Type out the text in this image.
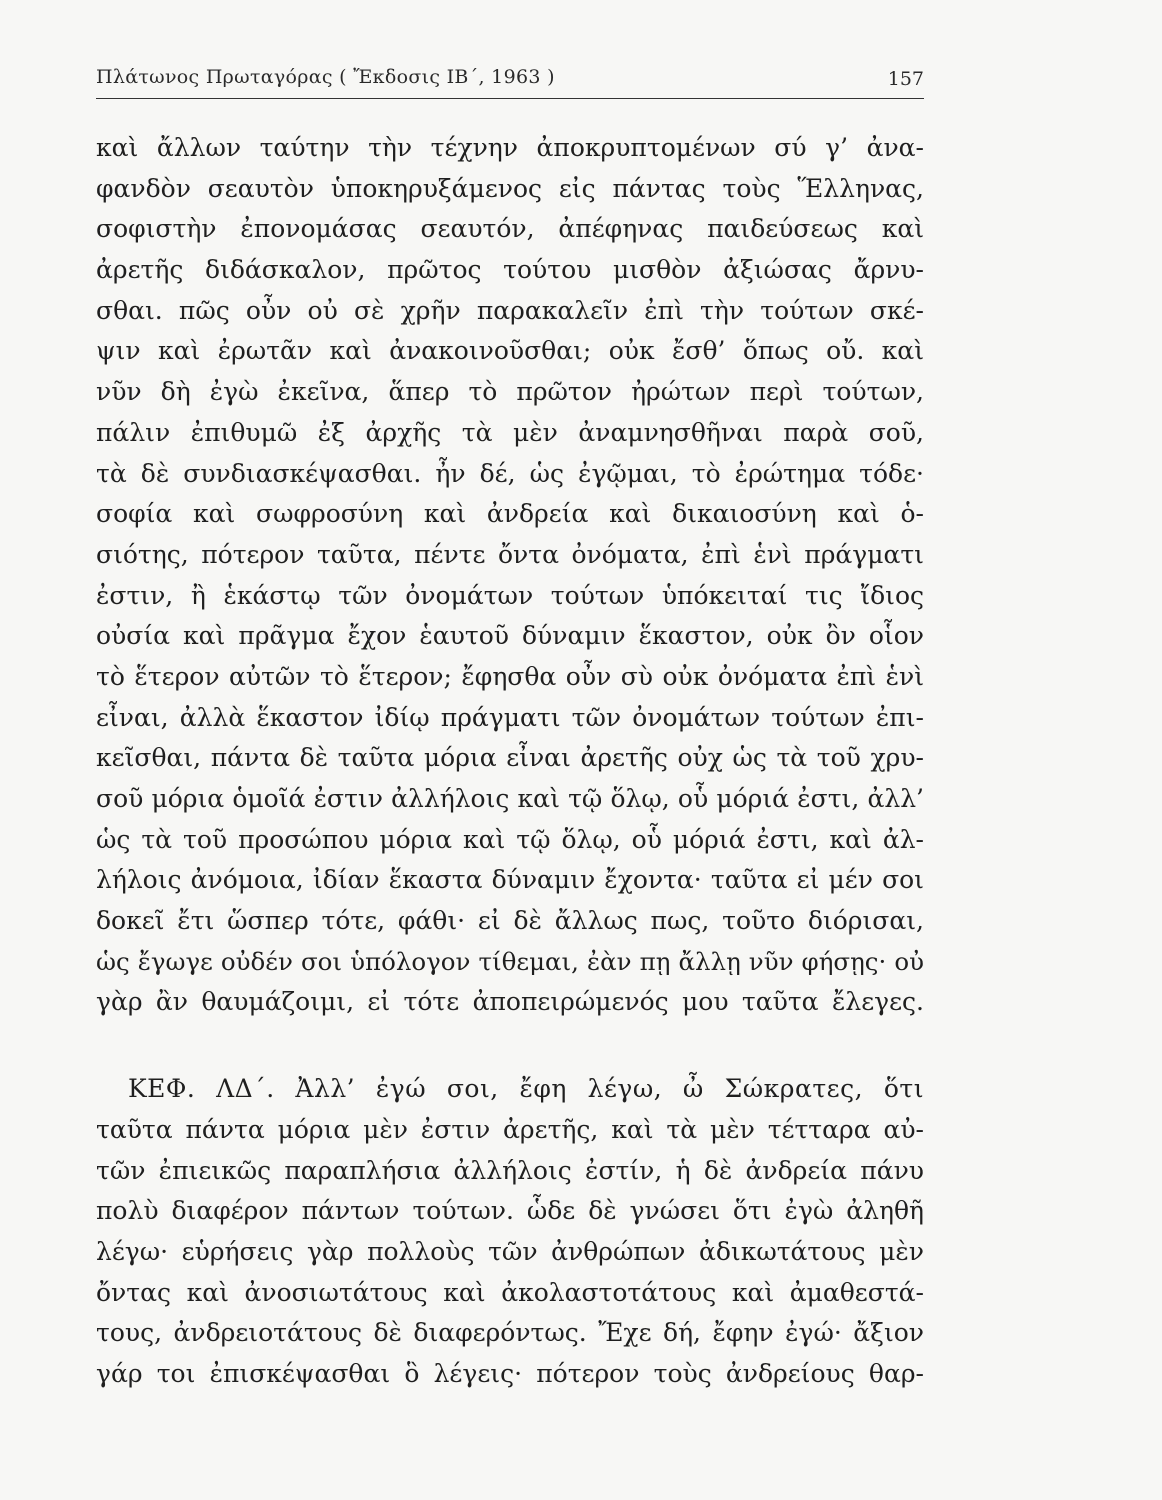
Πλάτωνος Πρωταγόρας ( Ἔκδοσις ΙΒ΄, 1963 )	157
καὶ ἄλλων ταύτην τὴν τέχνην ἀποκρυπτομένων σύ γ’ ἀνα-
φανδὸν σεαυτὸν ὑποκηρυξάμενος εἰς πάντας τοὺς Ἕλληνας,
σοφιστὴν ἐπονομάσας σεαυτόν, ἀπέφηνας παιδεύσεως καὶ
ἀρετῆς διδάσκαλον, πρῶτος τούτου μισθὸν ἀξιώσας ἄρνυ-
σθαι. πῶς οὖν οὐ σὲ χρῆν παρακαλεῖν ἐπὶ τὴν τούτων σκέ-
ψιν καὶ ἐρωτᾶν καὶ ἀνακοινοῦσθαι; οὐκ ἔσθ’ ὅπως οὔ. καὶ
νῦν δὴ ἐγὼ ἐκεῖνα, ἅπερ τὸ πρῶτον ἠρώτων περὶ τούτων,
πάλιν ἐπιθυμῶ ἐξ ἀρχῆς τὰ μὲν ἀναμνησθῆναι παρὰ σοῦ,
τὰ δὲ συνδιασκέψασθαι. ἦν δέ, ὡς ἐγῷμαι, τὸ ἐρώτημα τόδε·
σοφία καὶ σωφροσύνη καὶ ἀνδρεία καὶ δικαιοσύνη καὶ ὁ-
σιότης, πότερον ταῦτα, πέντε ὄντα ὀνόματα, ἐπὶ ἑνὶ πράγματι
ἐστιν, ἢ ἑκάστῳ τῶν ὀνομάτων τούτων ὑπόκειταί τις ἴδιος
οὐσία καὶ πρᾶγμα ἔχον ἑαυτοῦ δύναμιν ἕκαστον, οὐκ ὂν οἷον
τὸ ἕτερον αὐτῶν τὸ ἕτερον; ἔφησθα οὖν σὺ οὐκ ὀνόματα ἐπὶ ἑνὶ
εἶναι, ἀλλὰ ἕκαστον ἰδίῳ πράγματι τῶν ὀνομάτων τούτων ἐπι-
κεῖσθαι, πάντα δὲ ταῦτα μόρια εἶναι ἀρετῆς οὐχ ὡς τὰ τοῦ χρυ-
σοῦ μόρια ὁμοῖά ἐστιν ἀλλήλοις καὶ τῷ ὅλῳ, οὗ μόριά ἐστι, ἀλλ’
ὡς τὰ τοῦ προσώπου μόρια καὶ τῷ ὅλῳ, οὗ μόριά ἐστι, καὶ ἀλ-
λήλοις ἀνόμοια, ἰδίαν ἕκαστα δύναμιν ἔχοντα· ταῦτα εἰ μέν σοι
δοκεῖ ἔτι ὥσπερ τότε, φάθι· εἰ δὲ ἄλλως πως, τοῦτο διόρισαι,
ὡς ἔγωγε οὐδέν σοι ὑπόλογον τίθεμαι, ἐὰν πῃ ἄλλῃ νῦν φήσῃς· οὐ
γὰρ ἂν θαυμάζοιμι, εἰ τότε ἀποπειρώμενός μου ταῦτα ἔλεγες.
ΚΕΦ. ΛΔ΄. Ἀλλ’ ἐγώ σοι, ἔφη λέγω, ὦ Σώκρατες, ὅτι
ταῦτα πάντα μόρια μὲν ἐστιν ἀρετῆς, καὶ τὰ μὲν τέτταρα αὐ-
τῶν ἐπιεικῶς παραπλήσια ἀλλήλοις ἐστίν, ἡ δὲ ἀνδρεία πάνυ
πολὺ διαφέρον πάντων τούτων. ὧδε δὲ γνώσει ὅτι ἐγὼ ἀληθῆ
λέγω· εὑρήσεις γὰρ πολλοὺς τῶν ἀνθρώπων ἀδικωτάτους μὲν
ὄντας καὶ ἀνοσιωτάτους καὶ ἀκολαστοτάτους καὶ ἀμαθεστά-
τους, ἀνδρειοτάτους δὲ διαφερόντως. Ἔχε δή, ἔφην ἐγώ· ἄξιον
γάρ τοι ἐπισκέψασθαι ὃ λέγεις· πότερον τοὺς ἀνδρείους θαρ-
